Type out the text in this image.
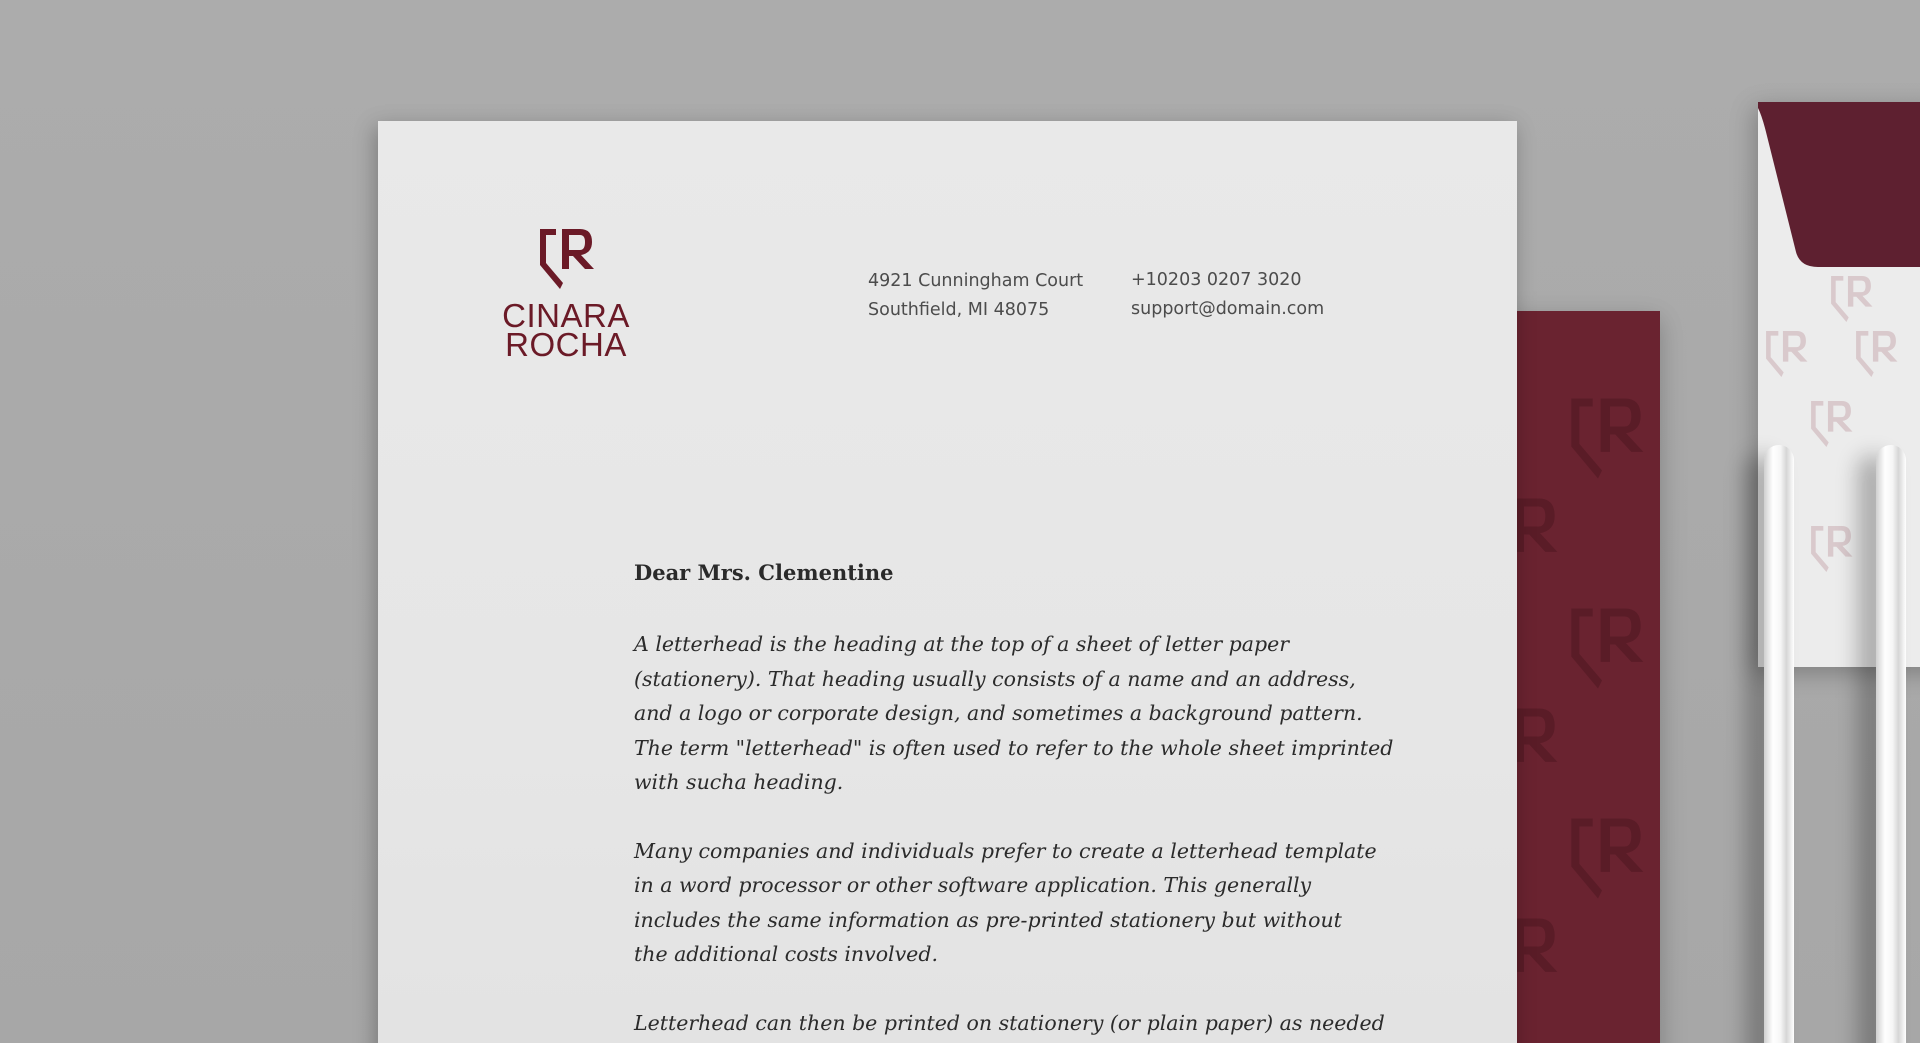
CINARA
ROCHA
4921 Cunningham Court
Southfield, MI 48075
+10203 0207 3020
support@domain.com
Dear Mrs. Clementine
A letterhead is the heading at the top of a sheet of letter paper
(stationery). That heading usually consists of a name and an address,
and a logo or corporate design, and sometimes a background pattern.
The term "letterhead" is often used to refer to the whole sheet imprinted
with sucha heading.
Many companies and individuals prefer to create a letterhead template
in a word processor or other software application. This generally
includes the same information as pre-printed stationery but without
the additional costs involved.
Letterhead can then be printed on stationery (or plain paper) as needed
